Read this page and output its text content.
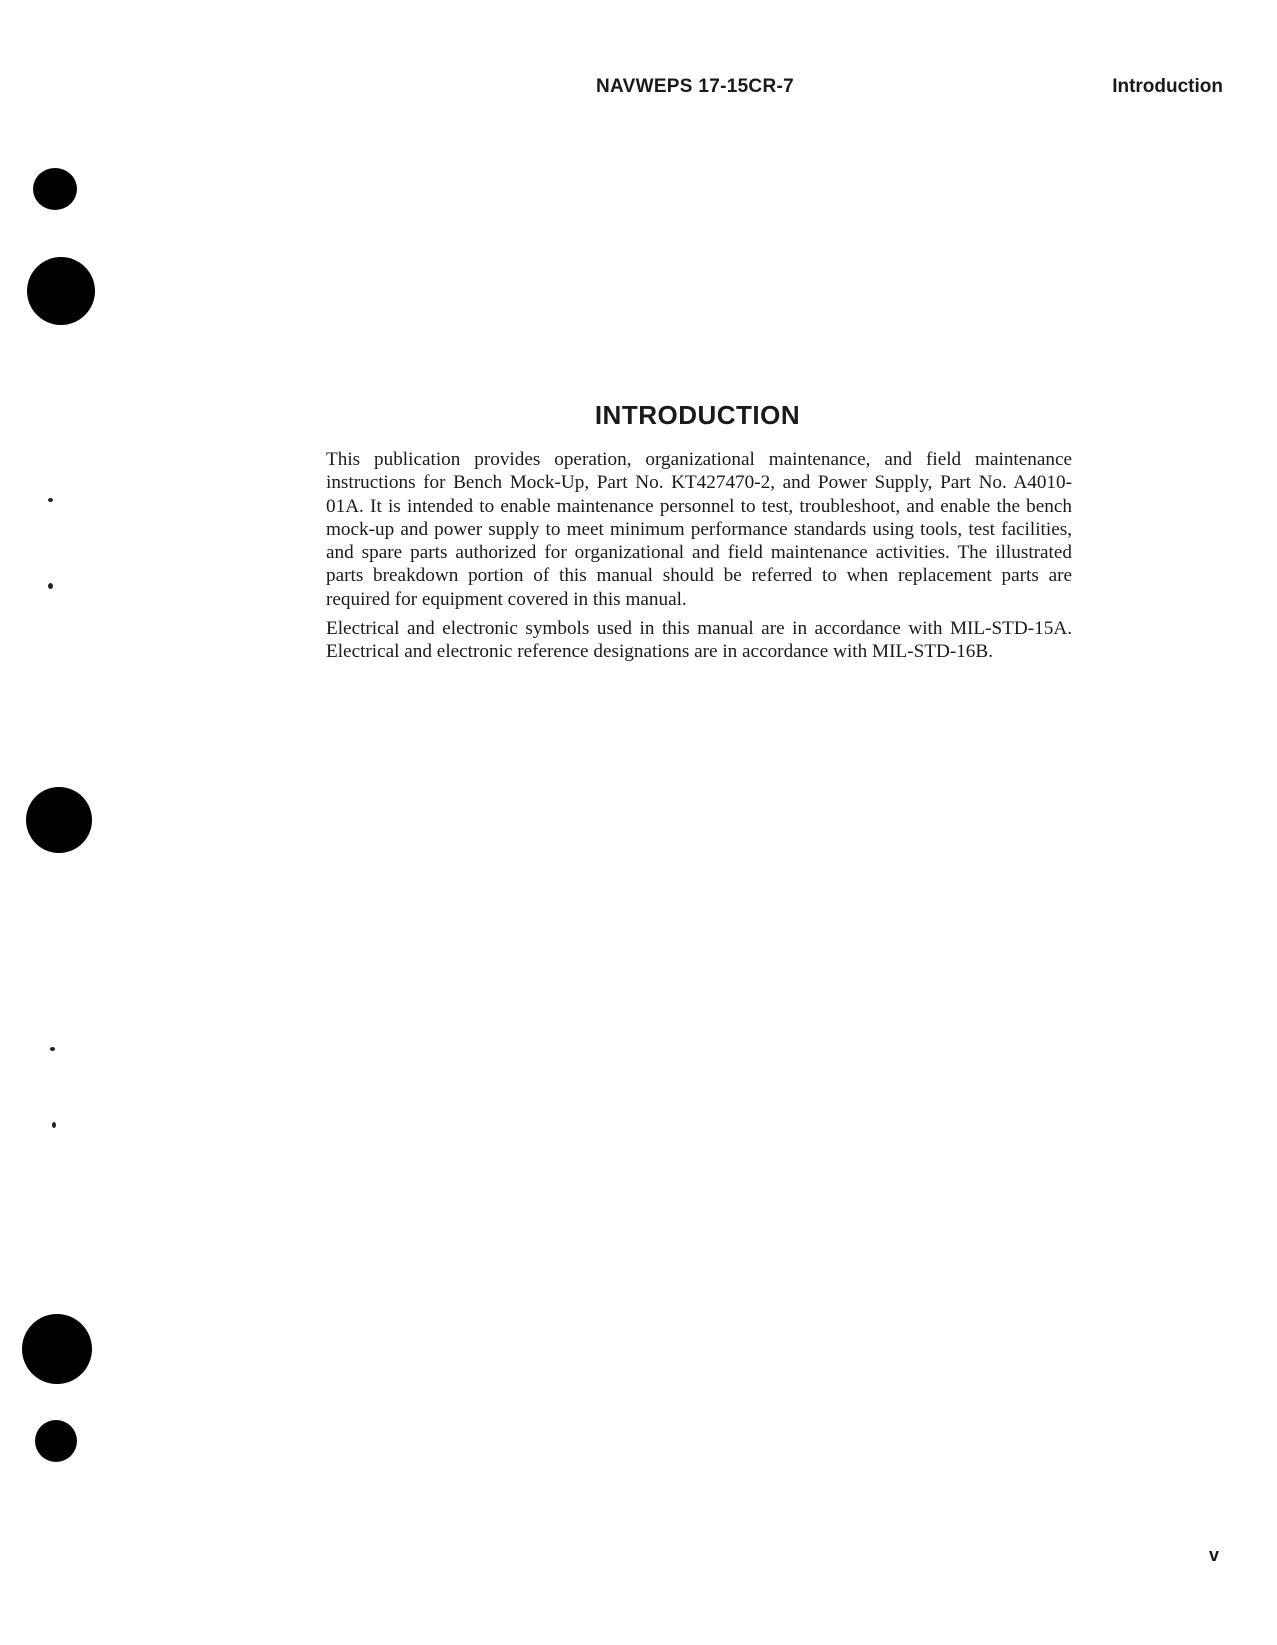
NAVWEPS 17-15CR-7	Introduction
INTRODUCTION

This publication provides operation, organizational maintenance, and field maintenance instructions for Bench Mock-Up, Part No. KT427470-2, and Power Supply, Part No. A4010-01A. It is intended to enable maintenance personnel to test, troubleshoot, and enable the bench mock-up and power supply to meet minimum performance standards using tools, test facilities, and spare parts authorized for organizational and field maintenance activities. The illustrated parts breakdown portion of this manual should be referred to when replacement parts are required for equipment covered in this manual.

Electrical and electronic symbols used in this manual are in accordance with MIL-STD-15A. Electrical and electronic reference designations are in accordance with MIL-STD-16B.

v
